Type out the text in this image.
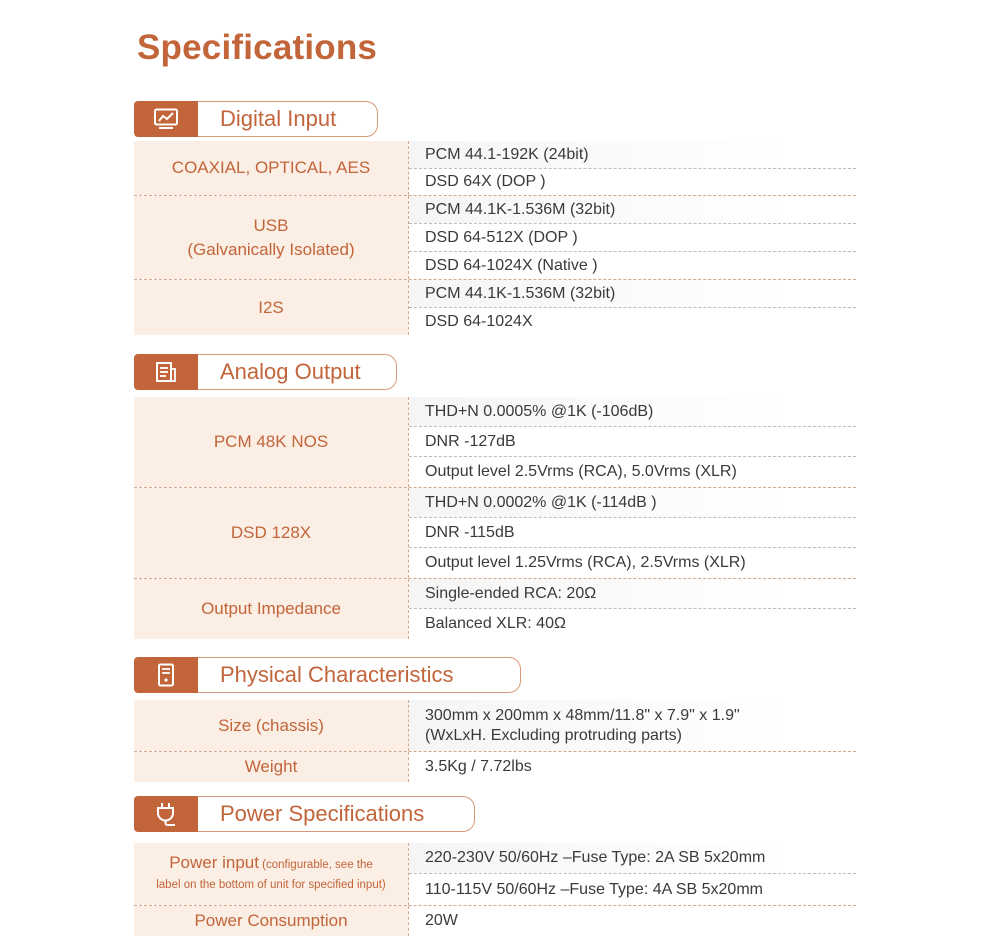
Specifications
Digital Input
COAXIAL, OPTICAL, AES
PCM 44.1-192K (24bit)
DSD 64X (DOP )
USB
(Galvanically Isolated)
PCM 44.1K-1.536M (32bit)
DSD 64-512X (DOP )
DSD 64-1024X (Native )
I2S
PCM 44.1K-1.536M (32bit)
DSD 64-1024X
Analog Output
PCM 48K NOS
THD+N 0.0005% @1K (-106dB)
DNR -127dB
Output level 2.5Vrms (RCA), 5.0Vrms (XLR)
DSD 128X
THD+N 0.0002% @1K (-114dB )
DNR -115dB
Output level 1.25Vrms (RCA), 2.5Vrms (XLR)
Output Impedance
Single-ended RCA: 20Ω
Balanced XLR: 40Ω
Physical Characteristics
Size (chassis)
300mm x 200mm x 48mm/11.8" x 7.9" x 1.9"
(WxLxH. Excluding protruding parts)
Weight	3.5Kg / 7.72lbs
Power Specifications
Power input (configurable, see the
label on the bottom of unit for specified input)
220-230V 50/60Hz –Fuse Type: 2A SB 5x20mm
110-115V 50/60Hz –Fuse Type: 4A SB 5x20mm
Power Consumption	20W
